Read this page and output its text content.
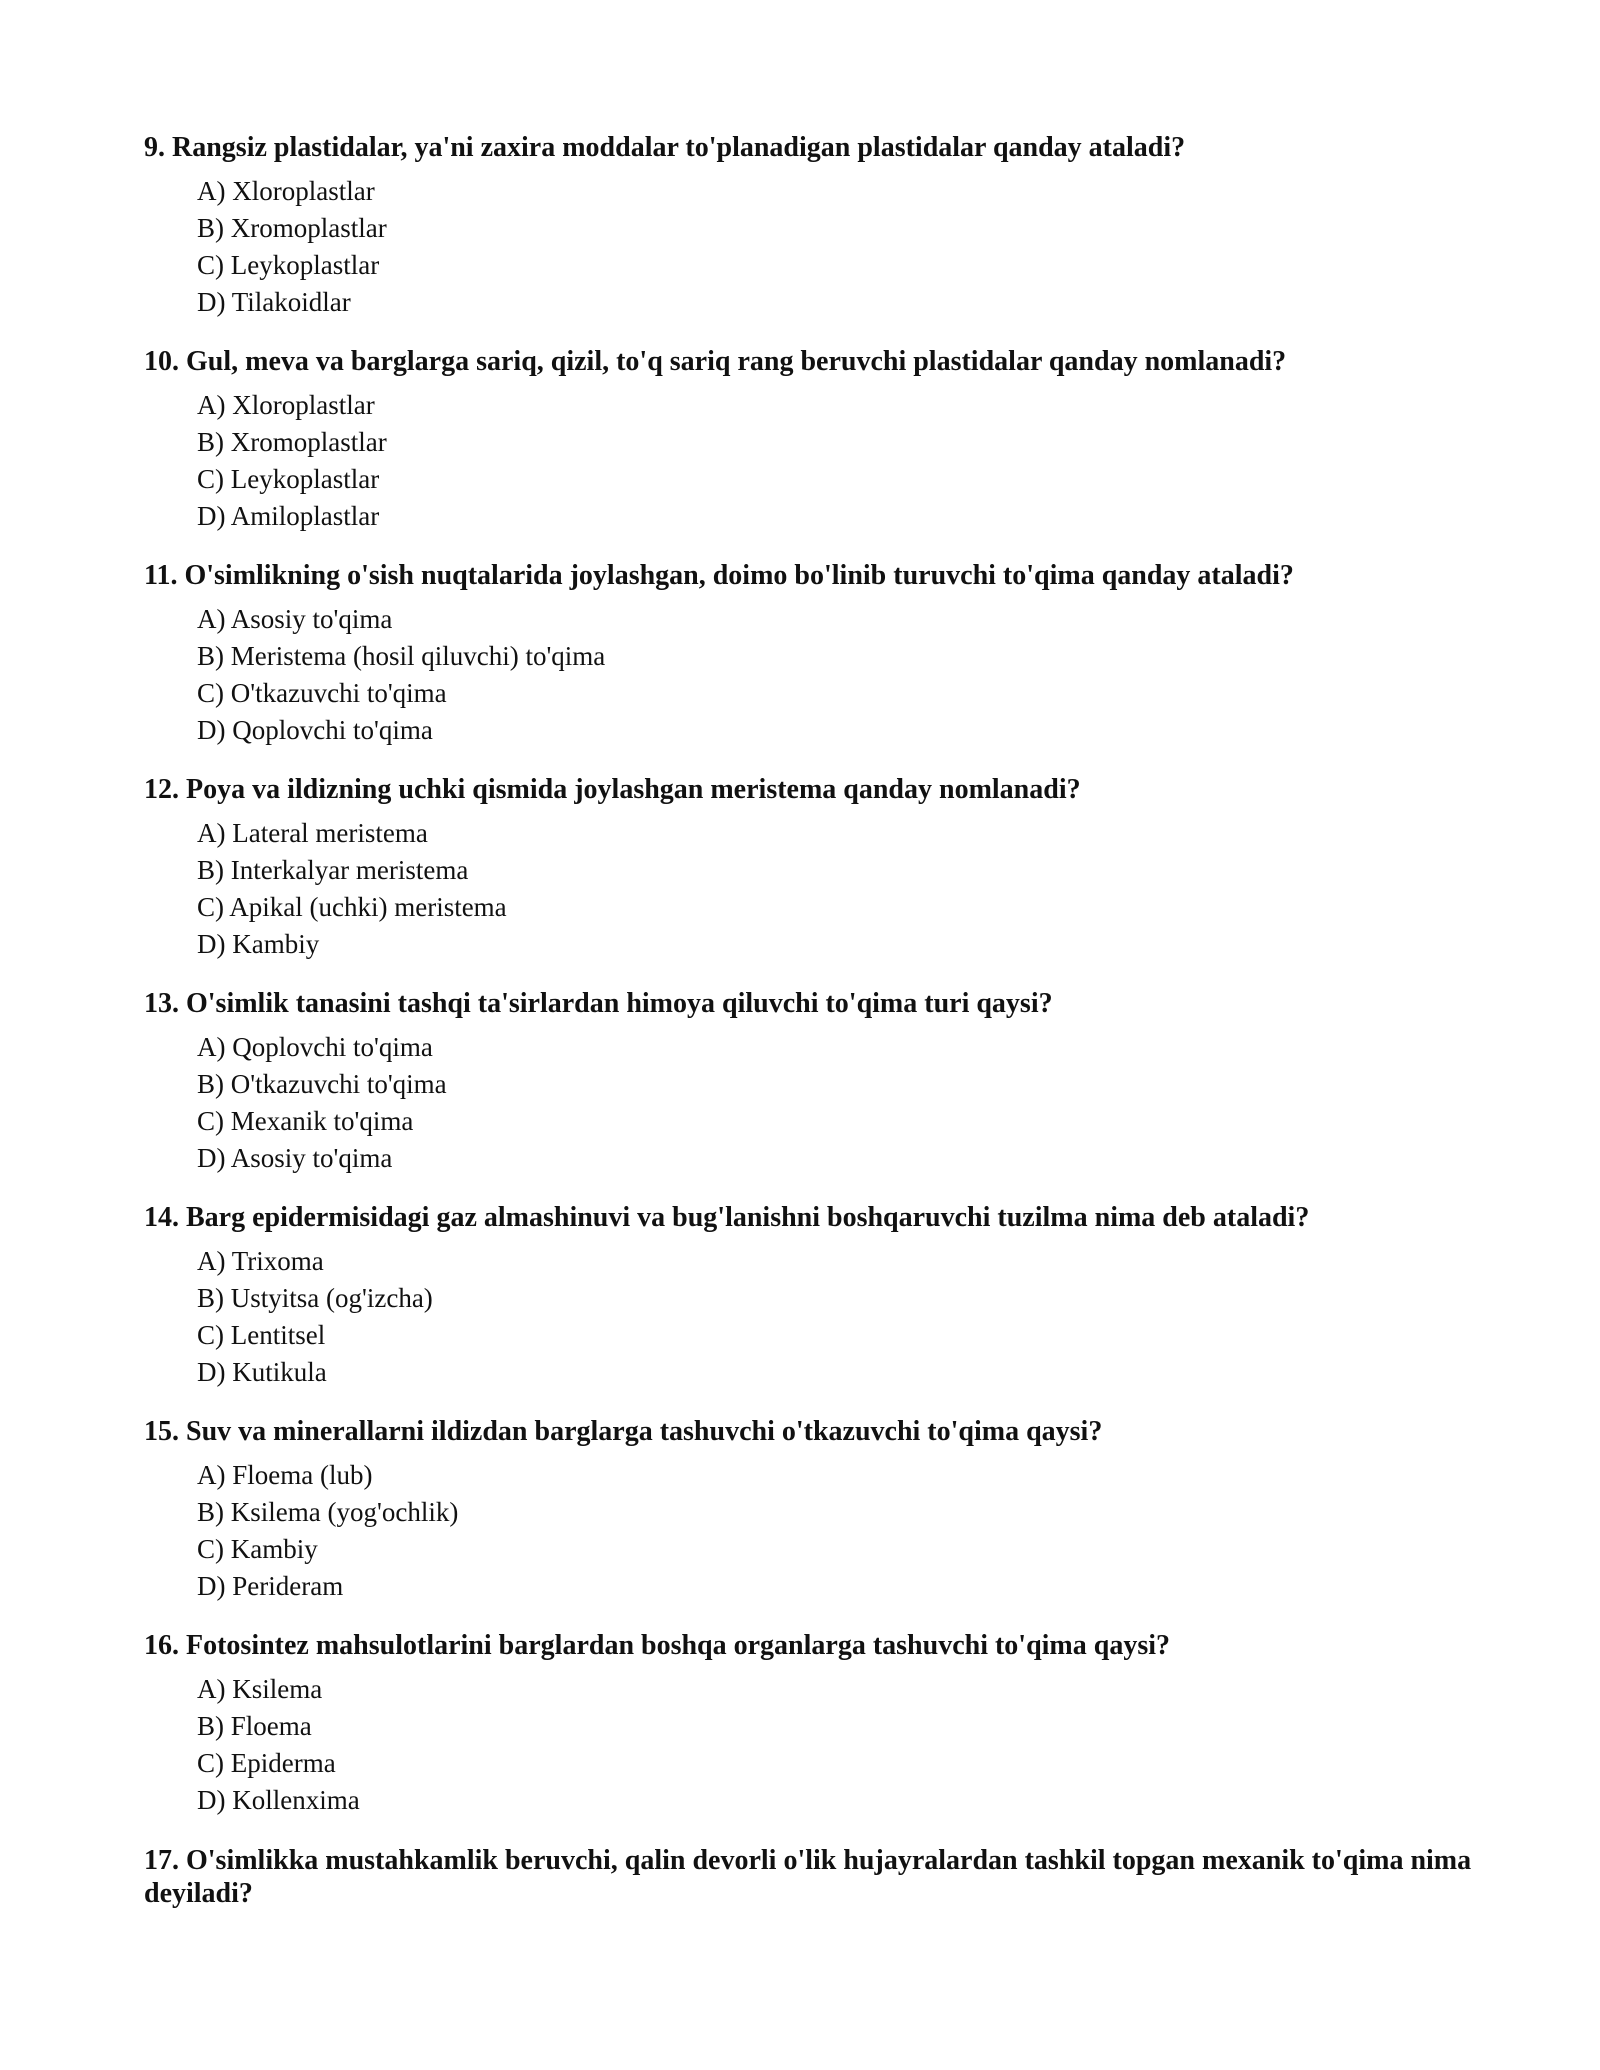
9. Rangsiz plastidalar, ya'ni zaxira moddalar to'planadigan plastidalar qanday ataladi?

A) Xloroplastlar
B) Xromoplastlar
C) Leykoplastlar
D) Tilakoidlar

10. Gul, meva va barglarga sariq, qizil, to'q sariq rang beruvchi plastidalar qanday nomlanadi?

A) Xloroplastlar
B) Xromoplastlar
C) Leykoplastlar
D) Amiloplastlar

11. O'simlikning o'sish nuqtalarida joylashgan, doimo bo'linib turuvchi to'qima qanday ataladi?

A) Asosiy to'qima
B) Meristema (hosil qiluvchi) to'qima
C) O'tkazuvchi to'qima
D) Qoplovchi to'qima

12. Poya va ildizning uchki qismida joylashgan meristema qanday nomlanadi?

A) Lateral meristema
B) Interkalyar meristema
C) Apikal (uchki) meristema
D) Kambiy

13. O'simlik tanasini tashqi ta'sirlardan himoya qiluvchi to'qima turi qaysi?

A) Qoplovchi to'qima
B) O'tkazuvchi to'qima
C) Mexanik to'qima
D) Asosiy to'qima

14. Barg epidermisidagi gaz almashinuvi va bug'lanishni boshqaruvchi tuzilma nima deb ataladi?

A) Trixoma
B) Ustyitsa (og'izcha)
C) Lentitsel
D) Kutikula

15. Suv va minerallarni ildizdan barglarga tashuvchi o'tkazuvchi to'qima qaysi?

A) Floema (lub)
B) Ksilema (yog'ochlik)
C) Kambiy
D) Perideram

16. Fotosintez mahsulotlarini barglardan boshqa organlarga tashuvchi to'qima qaysi?

A) Ksilema
B) Floema
C) Epiderma
D) Kollenxima

17. O'simlikka mustahkamlik beruvchi, qalin devorli o'lik hujayralardan tashkil topgan mexanik to'qima nima deyiladi?
